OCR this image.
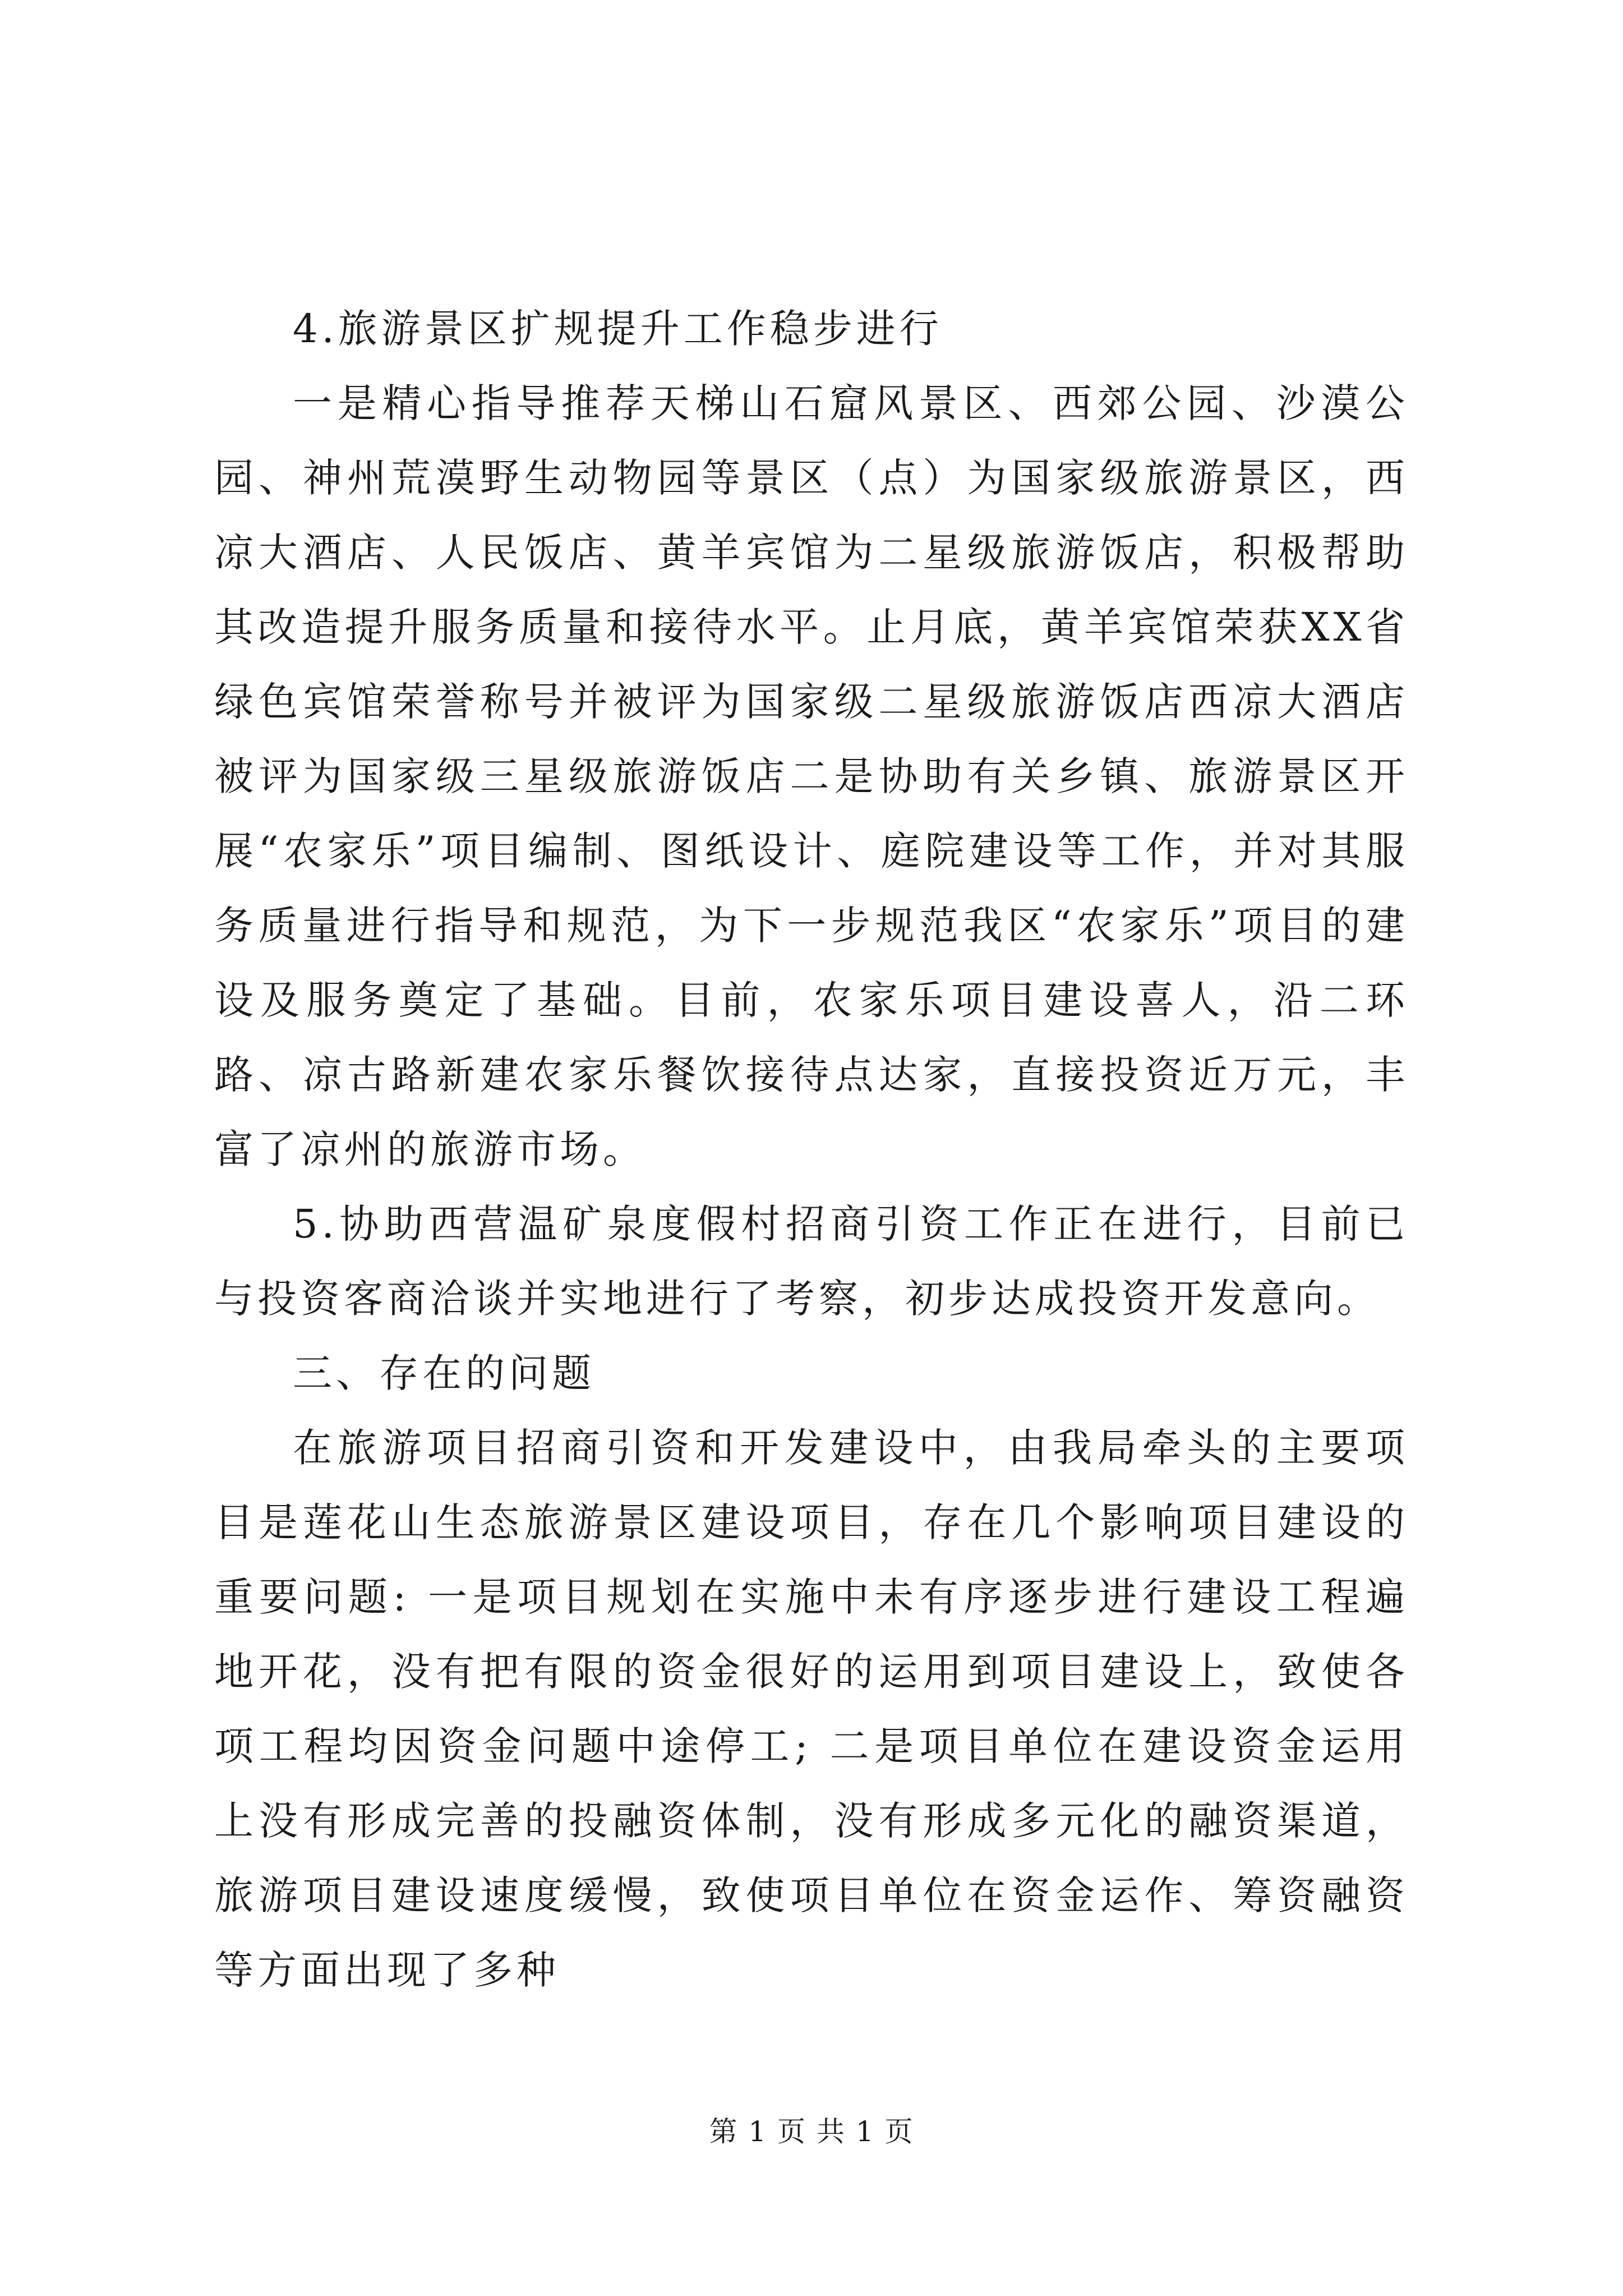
4.旅游景区扩规提升工作稳步进行

一是精心指导推荐天梯山石窟风景区、西郊公园、沙漠公园、神州荒漠野生动物园等景区（点）为国家级旅游景区，西凉大酒店、人民饭店、黄羊宾馆为二星级旅游饭店，积极帮助其改造提升服务质量和接待水平。止月底，黄羊宾馆荣获XX省绿色宾馆荣誉称号并被评为国家级二星级旅游饭店西凉大酒店被评为国家级三星级旅游饭店二是协助有关乡镇、旅游景区开展“农家乐”项目编制、图纸设计、庭院建设等工作，并对其服务质量进行指导和规范，为下一步规范我区“农家乐”项目的建设及服务奠定了基础。目前，农家乐项目建设喜人，沿二环路、凉古路新建农家乐餐饮接待点达家，直接投资近万元，丰富了凉州的旅游市场。

5.协助西营温矿泉度假村招商引资工作正在进行，目前已与投资客商洽谈并实地进行了考察，初步达成投资开发意向。

三、存在的问题

在旅游项目招商引资和开发建设中，由我局牵头的主要项目是莲花山生态旅游景区建设项目，存在几个影响项目建设的重要问题: 一是项目规划在实施中未有序逐步进行建设工程遍地开花，没有把有限的资金很好的运用到项目建设上，致使各项工程均因资金问题中途停工; 二是项目单位在建设资金运用上没有形成完善的投融资体制，没有形成多元化的融资渠道，旅游项目建设速度缓慢，致使项目单位在资金运作、筹资融资等方面出现了多种

第 1 页 共 1 页
